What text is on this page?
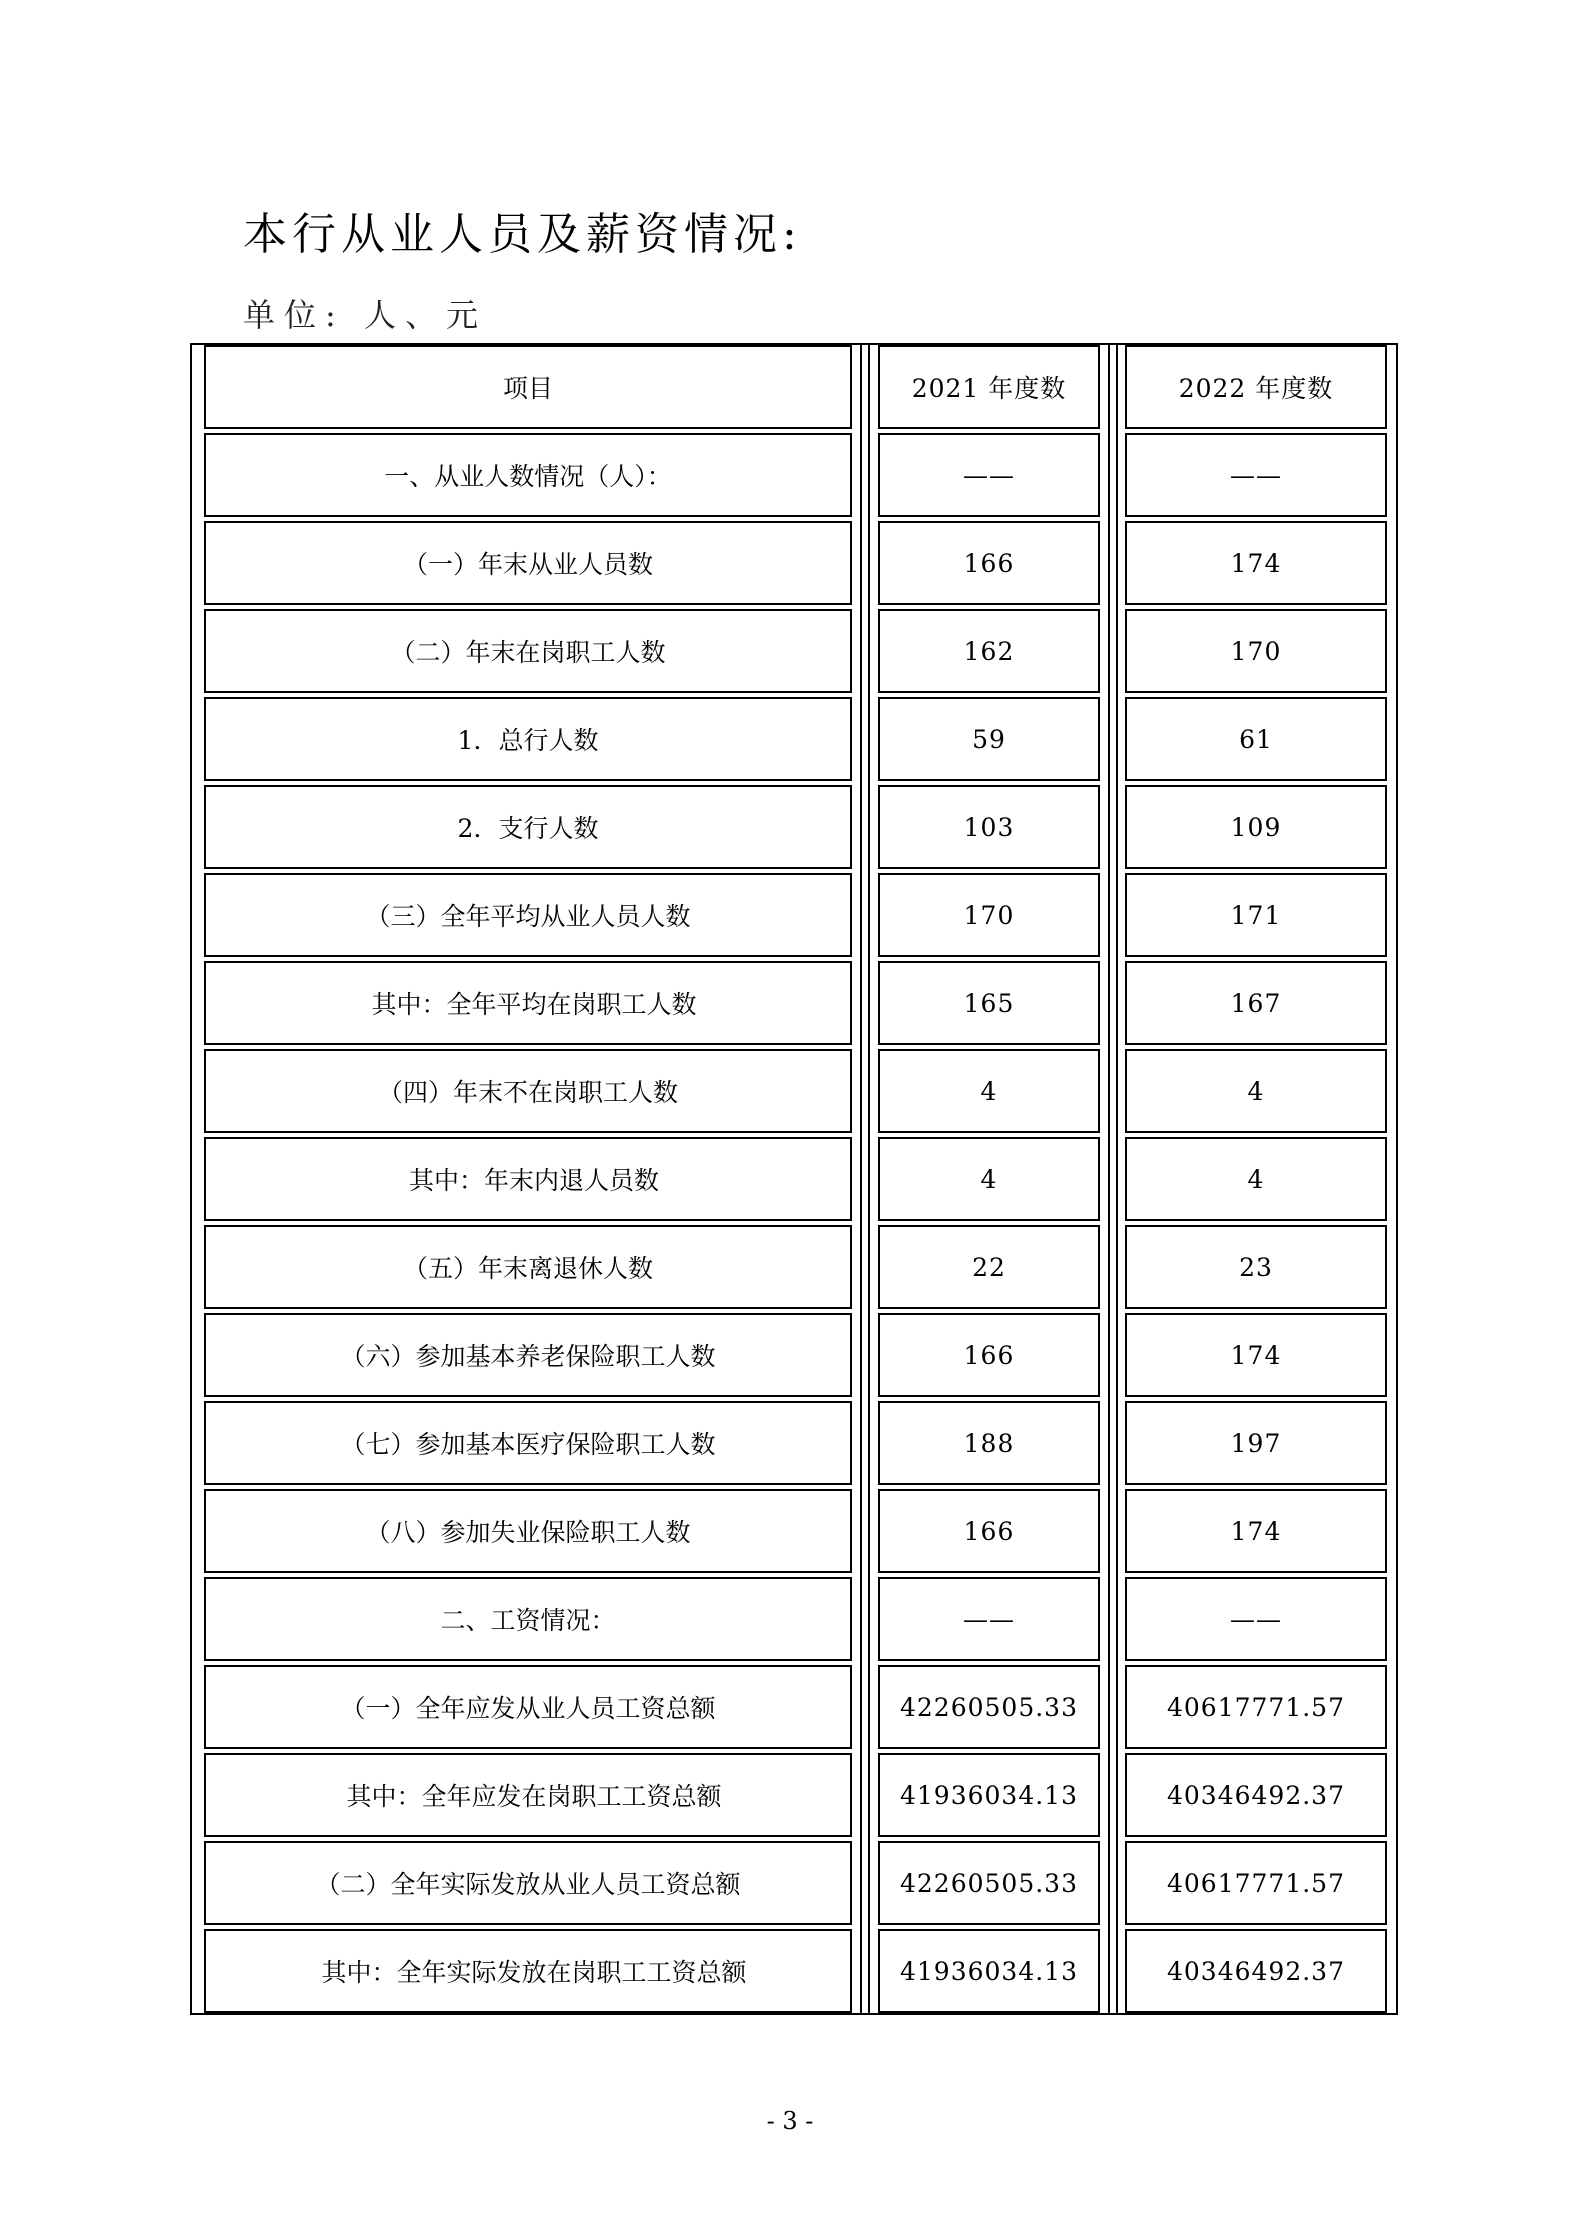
本行从业人员及薪资情况:
单位: 人、元
项目	2021 年度数	2022 年度数
一、从业人数情况（人）：	——	——
（一）年末从业人员数	166	174
（二）年末在岗职工人数	162	170
1．总行人数	59	61
2．支行人数	103	109
（三）全年平均从业人员人数	170	171
其中：全年平均在岗职工人数	165	167
（四）年末不在岗职工人数	4	4
其中：年末内退人员数	4	4
（五）年末离退休人数	22	23
（六）参加基本养老保险职工人数	166	174
（七）参加基本医疗保险职工人数	188	197
（八）参加失业保险职工人数	166	174
二、工资情况：	——	——
（一）全年应发从业人员工资总额	42260505.33	40617771.57
其中：全年应发在岗职工工资总额	41936034.13	40346492.37
（二）全年实际发放从业人员工资总额	42260505.33	40617771.57
其中：全年实际发放在岗职工工资总额	41936034.13	40346492.37
- 3 -
